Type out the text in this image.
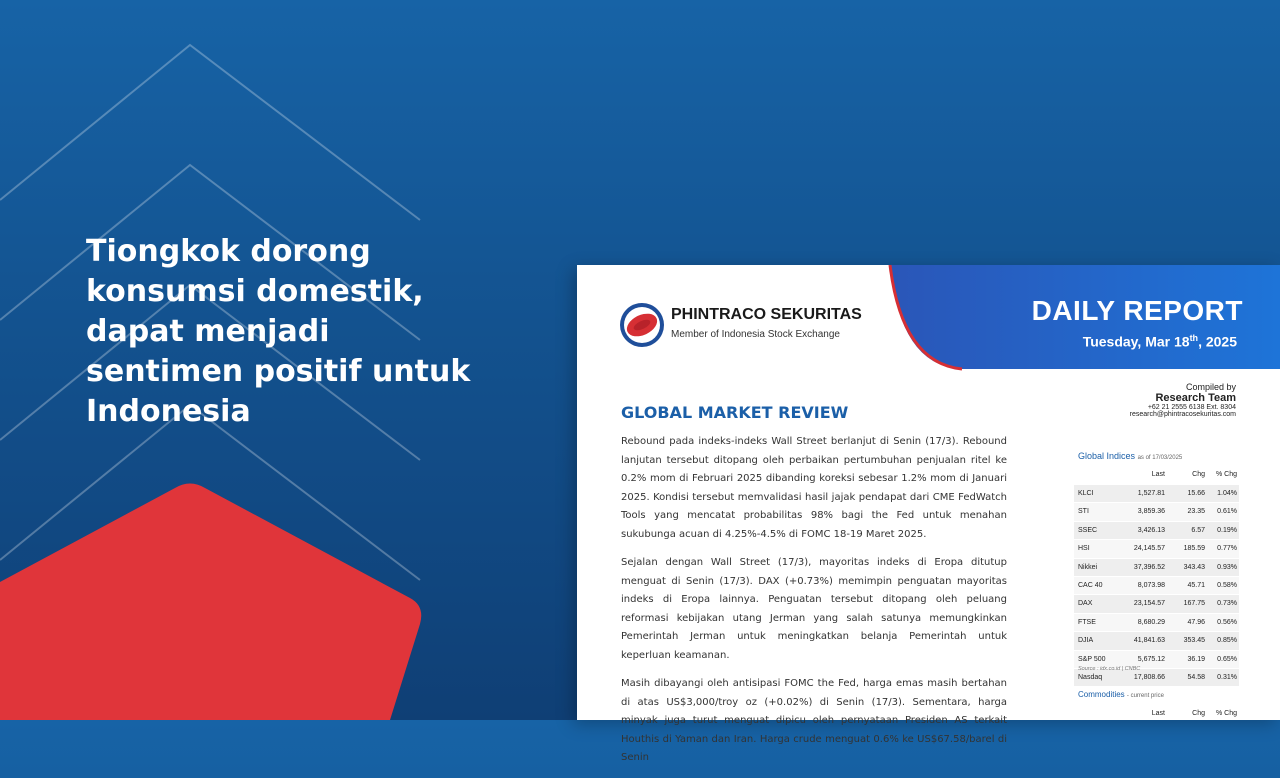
Tiongkok dorong
konsumsi domestik,
dapat menjadi
sentimen positif untuk
Indonesia
DAILY REPORT
Tuesday, Mar 18th, 2025
PHINTRACO SEKURITAS
Member of Indonesia Stock Exchange
Compiled by
Research Team
+62 21 2555 6138 Ext. 8304
research@phintracosekuritas.com
GLOBAL MARKET REVIEW

Rebound pada indeks-indeks Wall Street berlanjut di Senin (17/3). Rebound lanjutan tersebut ditopang oleh perbaikan pertumbuhan penjualan ritel ke 0.2% mom di Februari 2025 dibanding koreksi sebesar 1.2% mom di Januari 2025. Kondisi tersebut memvalidasi hasil jajak pendapat dari CME FedWatch Tools yang mencatat probabilitas 98% bagi the Fed untuk menahan sukubunga acuan di 4.25%-4.5% di FOMC 18-19 Maret 2025.

Sejalan dengan Wall Street (17/3), mayoritas indeks di Eropa ditutup menguat di Senin (17/3). DAX (+0.73%) memimpin penguatan mayoritas indeks di Eropa lainnya. Penguatan tersebut ditopang oleh peluang reformasi kebijakan utang Jerman yang salah satunya memungkinkan Pemerintah Jerman untuk meningkatkan belanja Pemerintah untuk keperluan keamanan.

Masih dibayangi oleh antisipasi FOMC the Fed, harga emas masih bertahan di atas US$3,000/troy oz (+0.02%) di Senin (17/3). Sementara, harga minyak juga turut menguat dipicu oleh pernyataan Presiden AS terkait Houthis di Yaman dan Iran. Harga crude menguat 0.6% ke US$67.58/barel di Senin

Global Indices as of 17/03/2025
Last	Chg % Chg
KLCI	1,527.81	15.66 1.04%
STI	3,859.36	23.35 0.61%
SSEC	3,426.13	6.57 0.19%
HSI	24,145.57	185.59 0.77%
Nikkei	37,396.52	343.43 0.93%
CAC 40	8,073.98	45.71 0.58%
DAX	23,154.57	167.75 0.73%
FTSE	8,680.29	47.96 0.56%
DJIA	41,841.63	353.45 0.85%
S&P 500	5,675.12	36.19 0.65%
Nasdaq	17,808.66	54.58 0.31%
Source : idx.co.id | CNBC
Commodities - current price
Last	Chg % Chg
